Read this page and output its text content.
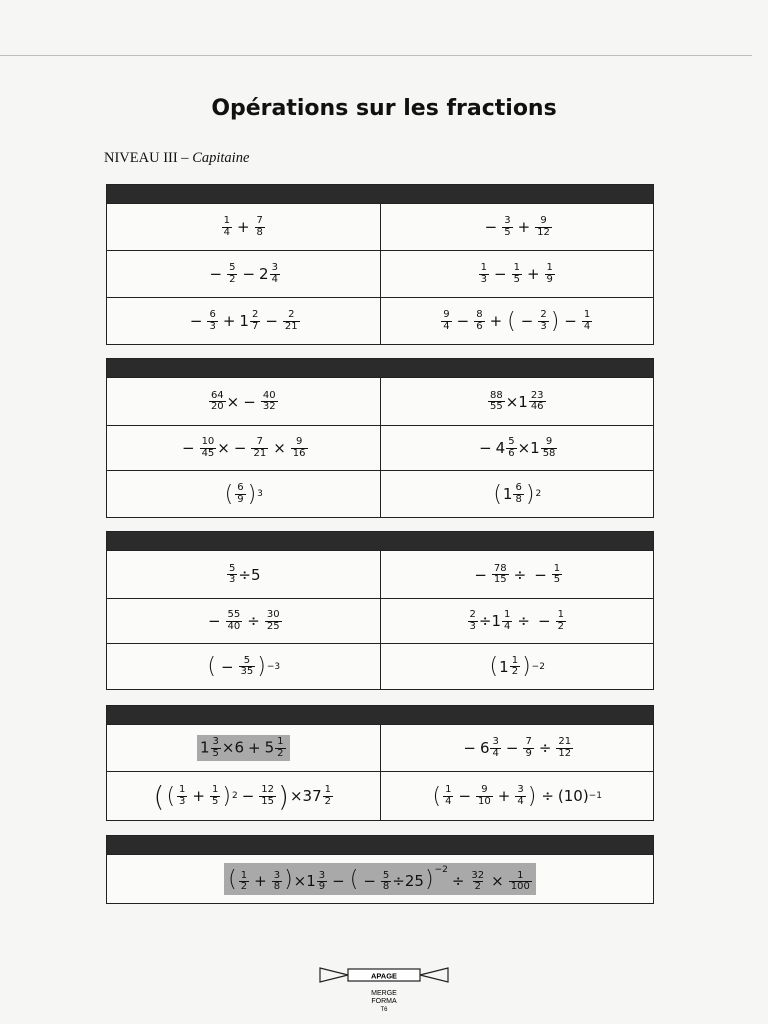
Opérations sur les fractions
NIVEAU III – Capitaine
$\frac{1}{4} + \frac{7}{8}$	− $\frac{3}{5} + \frac{9}{12}$
− $\frac{5}{2} - 2 \frac{3}{4}$	$\frac{1}{3} - \frac{1}{5} + \frac{1}{9}$
− $\frac{6}{3} + 1 \frac{2}{7} - \frac{2}{21}$	$\frac{9}{4} - \frac{8}{6}$ + ( − $\frac{2}{3}$ ) − $\frac{1}{4}$
$\frac{64}{20}$ × − $\frac{40}{32}$	$\frac{88}{55} \times 1 \frac{23}{46}$
− $\frac{10}{45}$ × − $\frac{7}{21} \times \frac{9}{16}$	− $4 \frac{5}{6} \times 1 \frac{9}{58}$
( $\frac{6}{9}$ ) 3	( $1 \frac{6}{8}$ ) 2
$\frac{5}{3} \div 5$	− $\frac{78}{15}$ ÷ − $\frac{1}{5}$
− $\frac{55}{40} \div \frac{30}{25}$	$\frac{2}{3} \div 1 \frac{1}{4}$ ÷ − $\frac{1}{2}$
( − $\frac{5}{35}$ ) −3	( $1 \frac{1}{2}$ ) −2
$1 \frac{3}{5} \times 6 + 5 \frac{1}{2}$	− $6 \frac{3}{4} - \frac{7}{9} \div \frac{21}{12}$
( ( $\frac{1}{3} + \frac{1}{5}$ ) $2 - \frac{12}{15}$ ) $\times 37 \frac{1}{2}$	( $\frac{1}{4} - \frac{9}{10} + \frac{3}{4}$ ) ÷ (10) −1
( $\frac{1}{2} + \frac{3}{8} )\times 1 \frac{3}{9}$ − ( − $\frac{5}{8} \div 25)^{-2}\div \frac{32}{2} \times \frac{1}{100}$
APAGE
MERGE
FORMA
T6
